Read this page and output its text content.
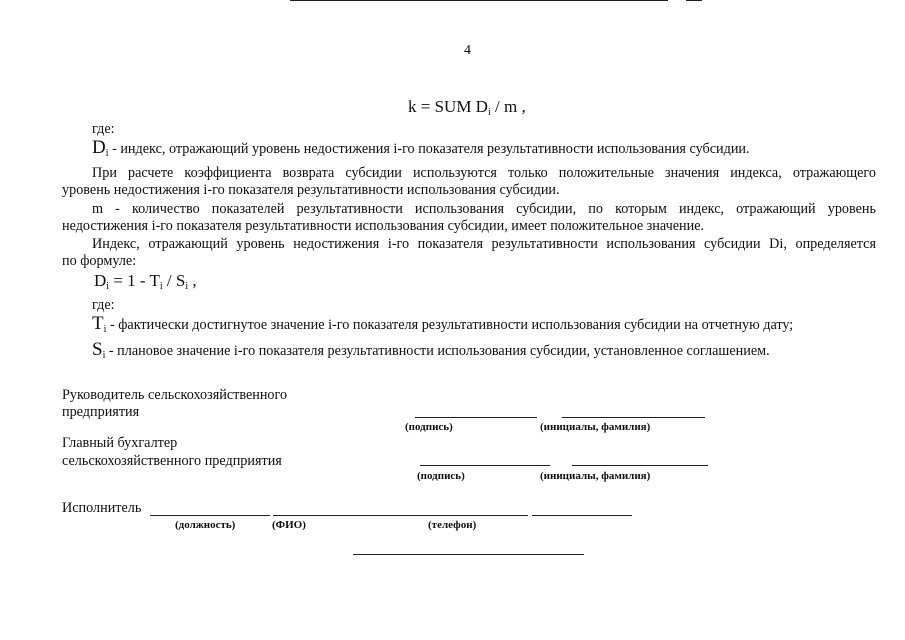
4
k = SUM $D_i$ / m ,
где:
$D_i$ - индекс, отражающий уровень недостижения i-го показателя результативности использования субсидии.
При расчете коэффициента возврата субсидии используются только положительные значения индекса, отражающего
уровень недостижения i-го показателя результативности использования субсидии.
m - количество показателей результативности использования субсидии, по которым индекс, отражающий уровень
недостижения i-го показателя результативности использования субсидии, имеет положительное значение.
Индекс, отражающий уровень недостижения i-го показателя результативности использования субсидии Di, определяется
по формуле:
$D_i = 1 - T_i / S_i$ ,
где:
$T_i$ - фактически достигнутое значение i-го показателя результативности использования субсидии на отчетную дату;
$S_i$ - плановое значение i-го показателя результативности использования субсидии, установленное соглашением.
Руководитель сельскохозяйственного
предприятия
(подпись)	(инициалы, фамилия)
Главный бухгалтер
сельскохозяйственного предприятия
(подпись)	(инициалы, фамилия)
Исполнитель
(должность)	(ФИО)	(телефон)
